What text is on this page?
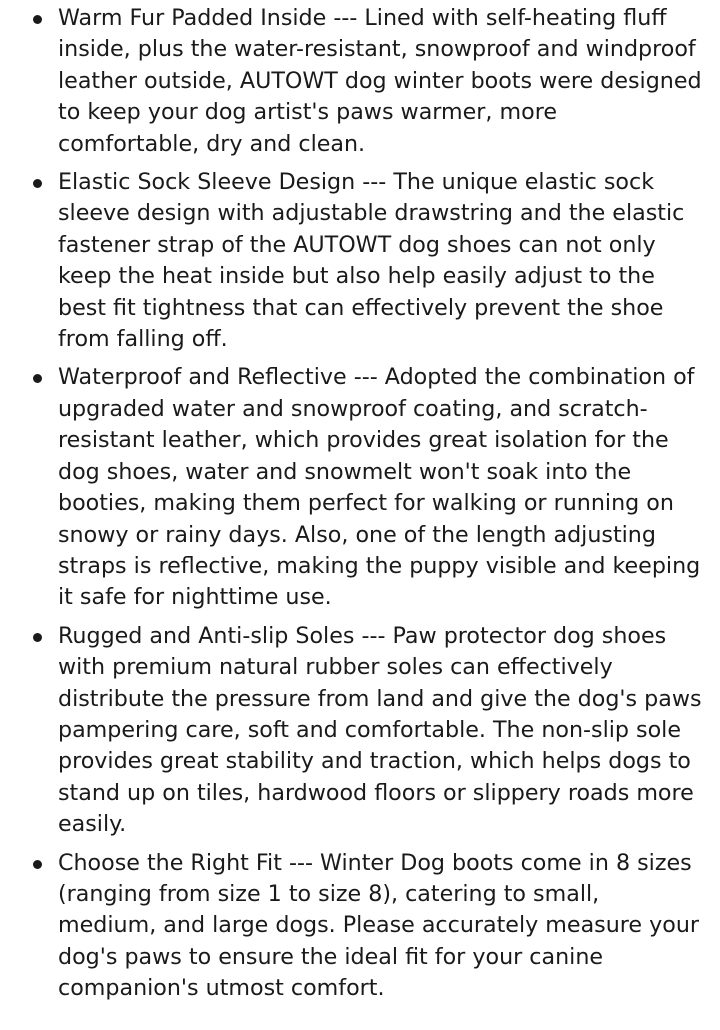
Warm Fur Padded Inside --- Lined with self-heating fluff inside, plus the water-resistant, snowproof and windproof leather outside, AUTOWT dog winter boots were designed to keep your dog artist's paws warmer, more comfortable, dry and clean.
Elastic Sock Sleeve Design --- The unique elastic sock sleeve design with adjustable drawstring and the elastic fastener strap of the AUTOWT dog shoes can not only keep the heat inside but also help easily adjust to the best fit tightness that can effectively prevent the shoe from falling off.
Waterproof and Reflective --- Adopted the combination of upgraded water and snowproof coating, and scratch-resistant leather, which provides great isolation for the dog shoes, water and snowmelt won't soak into the booties, making them perfect for walking or running on snowy or rainy days. Also, one of the length adjusting straps is reflective, making the puppy visible and keeping it safe for nighttime use.
Rugged and Anti-slip Soles --- Paw protector dog shoes with premium natural rubber soles can effectively distribute the pressure from land and give the dog's paws pampering care, soft and comfortable. The non-slip sole provides great stability and traction, which helps dogs to stand up on tiles, hardwood floors or slippery roads more easily.
Choose the Right Fit --- Winter Dog boots come in 8 sizes (ranging from size 1 to size 8), catering to small, medium, and large dogs. Please accurately measure your dog's paws to ensure the ideal fit for your canine companion's utmost comfort.
